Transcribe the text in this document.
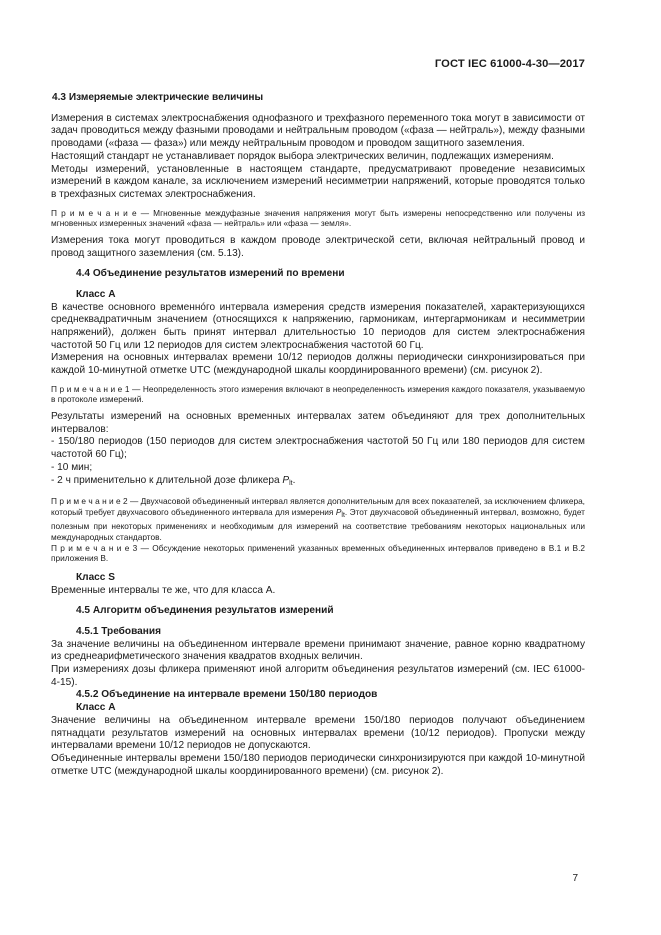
ГОСТ IEC 61000-4-30—2017

4.3 Измеряемые электрические величины

Измерения в системах электроснабжения однофазного и трехфазного переменного тока могут в зависимости от задач проводиться между фазными проводами и нейтральным проводом («фаза — нейтраль»), между фазными проводами («фаза — фаза») или между нейтральным проводом и проводом защитного заземления.

Настоящий стандарт не устанавливает порядок выбора электрических величин, подлежащих измерениям.

Методы измерений, установленные в настоящем стандарте, предусматривают проведение независимых измерений в каждом канале, за исключением измерений несимметрии напряжений, которые проводятся только в трехфазных системах электроснабжения.

П р и м е ч а н и е — Мгновенные междуфазные значения напряжения могут быть измерены непосредственно или получены из мгновенных измеренных значений «фаза — нейтраль» или «фаза — земля».

Измерения тока могут проводиться в каждом проводе электрической сети, включая нейтральный провод и провод защитного заземления (см. 5.13).

4.4 Объединение результатов измерений по времени

Класс А

В качестве основного временнóго интервала измерения средств измерения показателей, характеризующихся среднеквадратичным значением (относящихся к напряжению, гармоникам, интергармоникам и несимметрии напряжений), должен быть принят интервал длительностью 10 периодов для систем электроснабжения частотой 50 Гц или 12 периодов для систем электроснабжения частотой 60 Гц.

Измерения на основных интервалах времени 10/12 периодов должны периодически синхронизироваться при каждой 10-минутной отметке UTC (международной шкалы координированного времени) (см. рисунок 2).

П р и м е ч а н и е 1 — Неопределенность этого измерения включают в неопределенность измерения каждого показателя, указываемую в протоколе измерений.

Результаты измерений на основных временных интервалах затем объединяют для трех дополнительных интервалов:

- 150/180 периодов (150 периодов для систем электроснабжения частотой 50 Гц или 180 периодов для систем частотой 60 Гц);

- 10 мин;

- 2 ч применительно к длительной дозе фликера $P_{lt}$.

П р и м е ч а н и е 2 — Двухчасовой объединенный интервал является дополнительным для всех показателей, за исключением фликера, который требует двухчасового объединенного интервала для измерения $P_{lt}$. Этот двухчасовой объединенный интервал, возможно, будет полезным при некоторых применениях и необходимым для измерений на соответствие требованиям некоторых национальных или международных стандартов.

П р и м е ч а н и е 3 — Обсуждение некоторых применений указанных временных объединенных интервалов приведено в В.1 и В.2 приложения В.

Класс S

Временные интервалы те же, что для класса А.

4.5 Алгоритм объединения результатов измерений

4.5.1 Требования

За значение величины на объединенном интервале времени принимают значение, равное корню квадратному из среднеарифметического значения квадратов входных величин.

При измерениях дозы фликера применяют иной алгоритм объединения результатов измерений (см. IEC 61000-4-15).

4.5.2 Объединение на интервале времени 150/180 периодов

Класс А

Значение величины на объединенном интервале времени 150/180 периодов получают объединением пятнадцати результатов измерений на основных интервалах времени (10/12 периодов). Пропуски между интервалами времени 10/12 периодов не допускаются.

Объединенные интервалы времени 150/180 периодов периодически синхронизируются при каждой 10-минутной отметке UTC (международной шкалы координированного времени) (см. рисунок 2).

7
